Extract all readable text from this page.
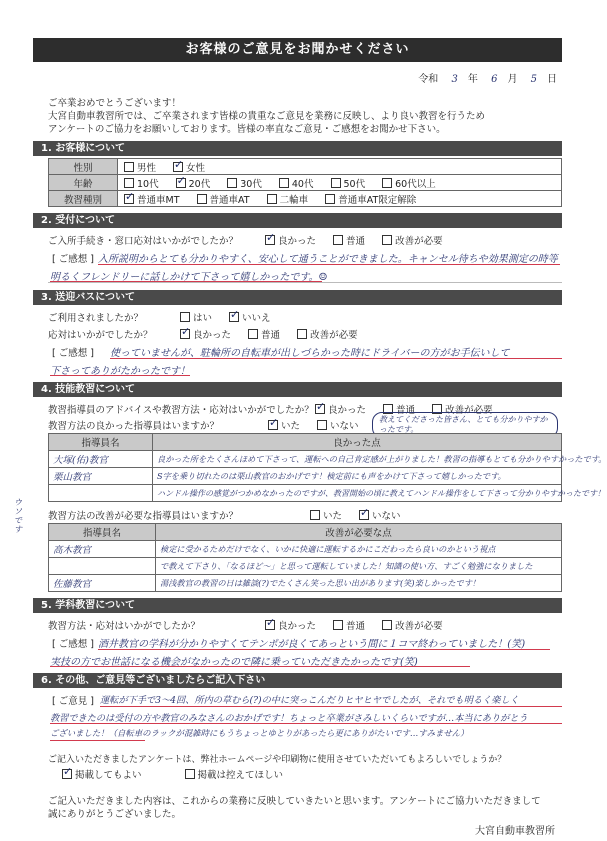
お客様のご意見をお聞かせください
令和 3 年 6 月 5 日
ご卒業おめでとうございます！
大宮自動車教習所では、ご卒業されます皆様の貴重なご意見を業務に反映し、より良い教習を行うため
アンケートのご協力をお願いしております。皆様の率直なご意見・ご感想をお聞かせ下さい。
1. お客様について
性別	男性 ✓ 女性
年齢	10代 ✓ 20代 30代 40代 50代 60代以上
教習種別	✓普通車MT 普通車AT 二輪車 普通車AT限定解除
2. 受付について
ご入所手続き・窓口応対はいかがでしたか？ ✓	良かった	普通	改善が必要
[ ご感想 ] 入所説明からとても分かりやすく、安心して通うことができました。キャンセル待ちや効果測定の時等
明るくフレンドリーに話しかけて下さって嬉しかったです。☺
3. 送迎バスについて
ご利用されましたか？	はい ✓	いいえ
応対はいかがでしたか？ ✓	良かった	普通	改善が必要
[ ご感想 ] 使っていませんが、駐輪所の自転車が出しづらかった時にドライバーの方がお手伝いして
下さってありがたかったです！
4. 技能教習について
教習指導員のアドバイスや教習方法・応対はいかがでしたか？ ✓	良かった	普通	改善が必要
教習方法の良かった指導員はいますか？ ✓	いた	いない
教えてくださった皆さん、とても分かりやすかったです。
指導員名	良かった点
大塚(佑)教官	良かった所をたくさんほめて下さって、運転への自己肯定感が上がりました！教習の指導もとても分かりやすかったです。
栗山教官	S字を乗り切れたのは栗山教官のおかげです！検定前にも声をかけて下さって嬉しかったです。
	ハンドル操作の感覚がつかめなかったのですが、教習開始の頃に教えてハンドル操作をして下さって分かりやすかったです！
ウソです
教習方法の改善が必要な指導員はいますか？	いた ✓	いない
指導員名	改善が必要な点
高木教官	検定に受かるためだけでなく、いかに快適に運転するかにこだわったら良いのかという視点
	で教えて下さり、「なるほど〜」と思って運転していました！知識の使い方、すごく勉強になりました
佐藤教官	湯浅教官の教習の日は雑談(?)でたくさん笑った思い出があります(笑)楽しかったです！
5. 学科教習について
教習方法・応対はいかがでしたか？ ✓	良かった	普通	改善が必要
[ ご感想 ] 酒井教官の学科が分かりやすくてテンポが良くてあっという間に１コマ終わっていました！(笑)
実技の方でお世話になる機会がなかったので隣に乗っていただきたかったです(笑)
6. その他、ご意見等ございましたらご記入下さい
[ ご意見 ] 運転が下手で3〜4回、所内の草むら(?)の中に突っこんだりヒヤヒヤでしたが、それでも明るく楽しく
教習できたのは受付の方や教官のみなさんのおかげです！ちょっと卒業がさみしいくらいですが…本当にありがとう
ございました！（自転車のラックが混雑時にもうちょっとゆとりがあったら更にありがたいです…すみません）
ご記入いただきましたアンケートは、弊社ホームページや印刷物に使用させていただいてもよろしいでしょうか？
✓掲載してもよい	掲載は控えてほしい
ご記入いただきました内容は、これからの業務に反映していきたいと思います。アンケートにご協力いただきまして
誠にありがとうございました。
大宮自動車教習所
